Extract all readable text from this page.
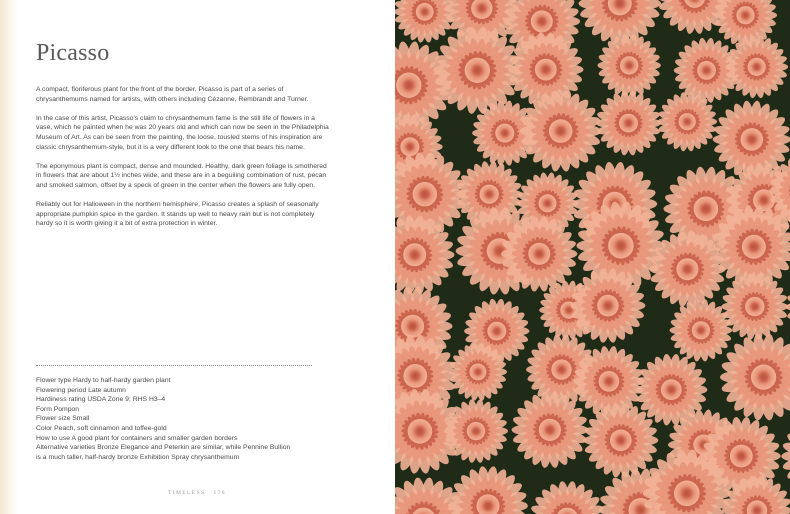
Picasso

A compact, floriferous plant for the front of the border, Picasso is part of a series of chrysanthemums named for artists, with others including Cézanne, Rembrandt and Turner.

In the case of this artist, Picasso's claim to chrysanthemum fame is the still life of flowers in a vase, which he painted when he was 20 years old and which can now be seen in the Philadelphia Museum of Art. As can be seen from the painting, the loose, tousled stems of his inspiration are classic chrysanthemum-style, but it is a very different look to the one that bears his name.

The eponymous plant is compact, dense and mounded. Healthy, dark green foliage is smothered in flowers that are about 1½ inches wide, and these are in a beguiling combination of rust, pecan and smoked salmon, offset by a speck of green in the center when the flowers are fully open.

Reliably out for Halloween in the northern hemisphere, Picasso creates a splash of seasonally appropriate pumpkin spice in the garden. It stands up well to heavy rain but is not completely hardy so it is worth giving it a bit of extra protection in winter.

Flower type Hardy to half-hardy garden plant
Flowering period Late autumn
Hardiness rating USDA Zone 9; RHS H3–4
Form Pompon
Flower size Small
Color Peach, soft cinnamon and toffee-gold
How to use A good plant for containers and smaller garden borders
Alternative varieties Bronze Elegance and Peterkin are similar, while Pennine Bullion
is a much taller, half-hardy bronze Exhibition Spray chrysanthemum
TIMELESS 176
